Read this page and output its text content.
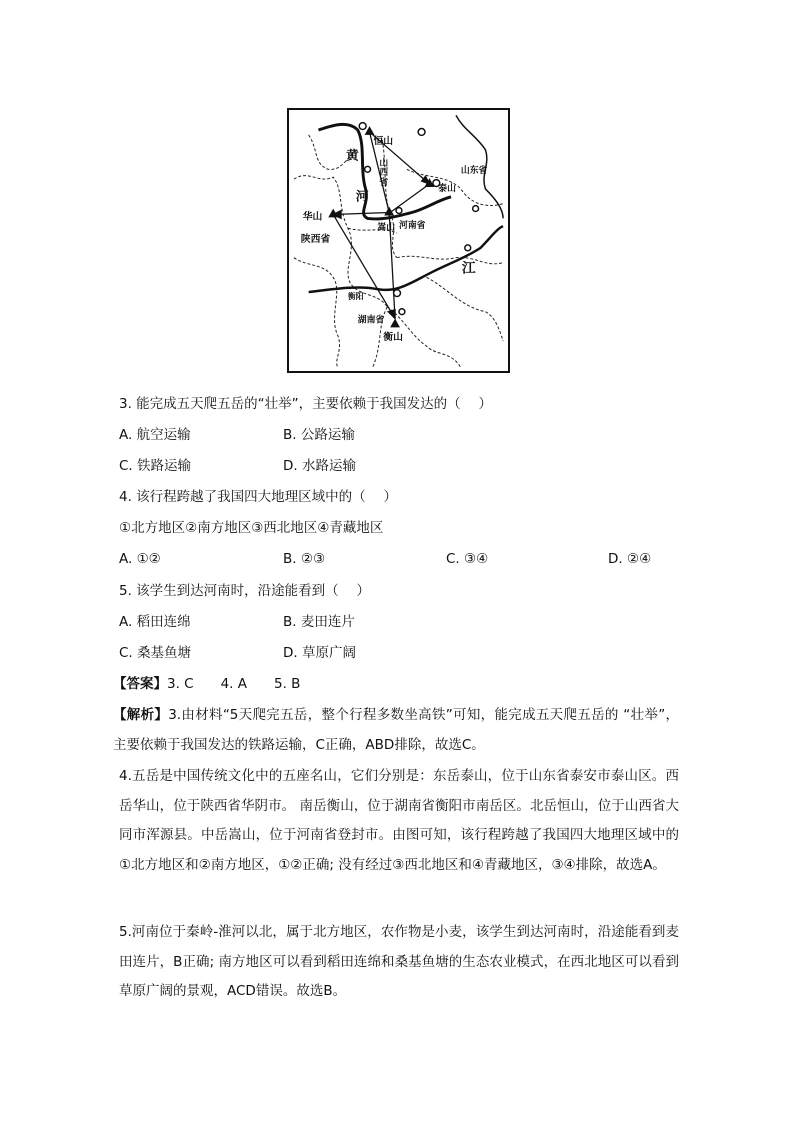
恒山
黄
河
山
西
省
泰山
山东省
华山
陕西省
嵩山 河南省
江
衡阳
湖南省
衡山
3. 能完成五天爬五岳的“壮举”，主要依赖于我国发达的（　 ）
A. 航空运输	B. 公路运输
C. 铁路运输	D. 水路运输
4. 该行程跨越了我国四大地理区域中的（　 ）
①北方地区②南方地区③西北地区④青藏地区
A. ①②	B. ②③	C. ③④	D. ②④
5. 该学生到达河南时，沿途能看到（　 ）
A. 稻田连绵	B. 麦田连片
C. 桑基鱼塘	D. 草原广阔
【答案】3. C　　4. A　　5. B
【解析】3.由材料“5天爬完五岳，整个行程多数坐高铁”可知，能完成五天爬五岳的 “壮举”，主要依赖于我国发达的铁路运输，C正确，ABD排除，故选C。
4.五岳是中国传统文化中的五座名山，它们分别是：东岳泰山，位于山东省泰安市泰山区。西岳华山，位于陕西省华阴市。 南岳衡山，位于湖南省衡阳市南岳区。北岳恒山，位于山西省大同市浑源县。中岳嵩山，位于河南省登封市。由图可知，该行程跨越了我国四大地理区域中的①北方地区和②南方地区，①②正确; 没有经过③西北地区和④青藏地区，③④排除，故选A。
5.河南位于秦岭-淮河以北，属于北方地区，农作物是小麦，该学生到达河南时，沿途能看到麦田连片，B正确; 南方地区可以看到稻田连绵和桑基鱼塘的生态农业模式，在西北地区可以看到草原广阔的景观，ACD错误。故选B。
